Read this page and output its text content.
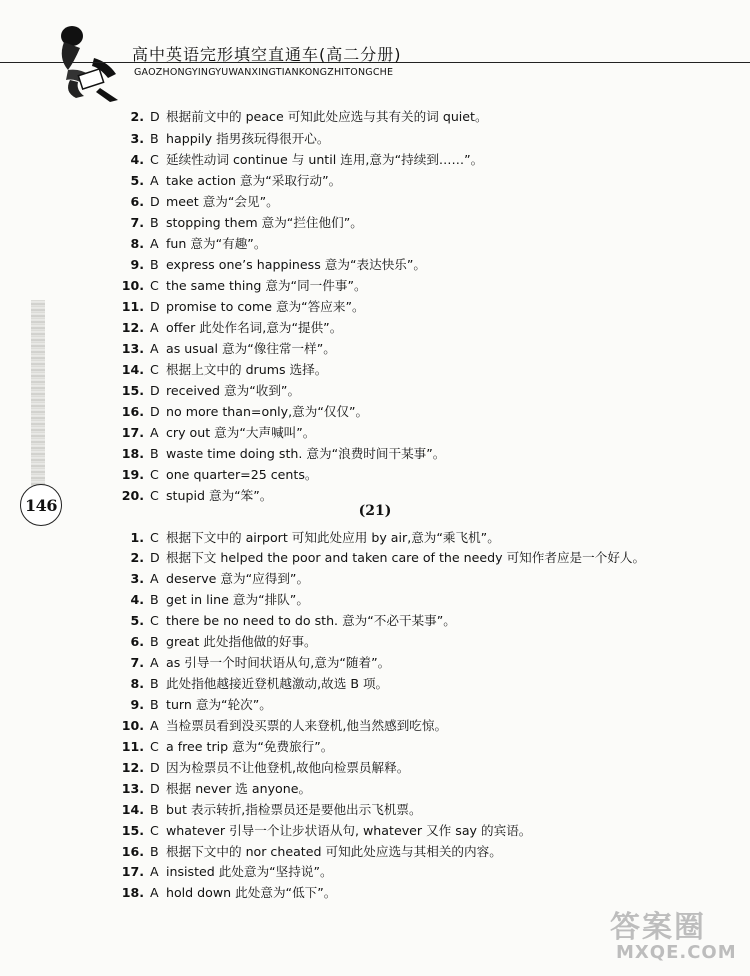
高中英语完形填空直通车(高二分册)
GAOZHONGYINGYUWANXINGTIANKONGZHITONGCHE
146
2. D 根据前文中的 peace 可知此处应选与其有关的词 quiet。
3. B happily 指男孩玩得很开心。
4. C 延续性动词 continue 与 until 连用,意为“持续到……”。
5. A take action 意为“采取行动”。
6. D meet 意为“会见”。
7. B stopping them 意为“拦住他们”。
8. A fun 意为“有趣”。
9. B express one’s happiness 意为“表达快乐”。
10. C the same thing 意为“同一件事”。
11. D promise to come 意为“答应来”。
12. A offer 此处作名词,意为“提供”。
13. A as usual 意为“像往常一样”。
14. C 根据上文中的 drums 选择。
15. D received 意为“收到”。
16. D no more than=only,意为“仅仅”。
17. A cry out 意为“大声喊叫”。
18. B waste time doing sth. 意为“浪费时间干某事”。
19. C one quarter=25 cents。
20. C stupid 意为“笨”。
(21)
1. C 根据下文中的 airport 可知此处应用 by air,意为“乘飞机”。
2. D 根据下文 helped the poor and taken care of the needy 可知作者应是一个好人。
3. A deserve 意为“应得到”。
4. B get in line 意为“排队”。
5. C there be no need to do sth. 意为“不必干某事”。
6. B great 此处指他做的好事。
7. A as 引导一个时间状语从句,意为“随着”。
8. B 此处指他越接近登机越激动,故选 B 项。
9. B turn 意为“轮次”。
10. A 当检票员看到没买票的人来登机,他当然感到吃惊。
11. C a free trip 意为“免费旅行”。
12. D 因为检票员不让他登机,故他向检票员解释。
13. D 根据 never 选 anyone。
14. B but 表示转折,指检票员还是要他出示飞机票。
15. C whatever 引导一个让步状语从句, whatever 又作 say 的宾语。
16. B 根据下文中的 nor cheated 可知此处应选与其相关的内容。
17. A insisted 此处意为“坚持说”。
18. A hold down 此处意为“低下”。
答案圈
MXQE.COM
